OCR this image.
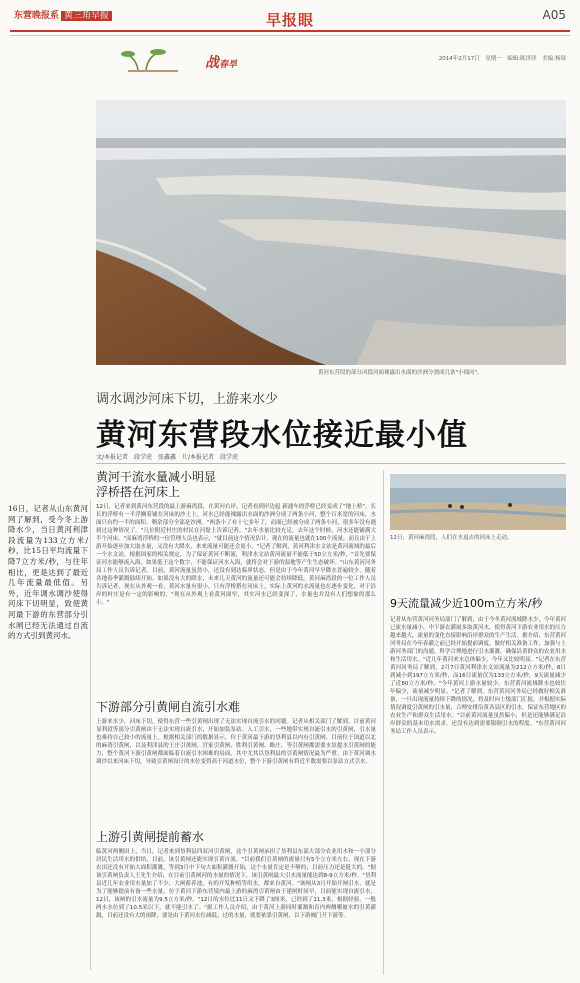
东营晚报系 黄三角早报	早报眼	A05
战春旱
2014年2月17日　星期一　编辑:陈泽泽　美编:杨琛
黄河东营段的部分河段河面裸露出水面的沙洲分割成几条"小细河"。
调水调沙河床下切，上游来水少
黄河东营段水位接近最小值
文/本报记者　段学虎　张鑫鑫　片/本报记者　段学虎
16日，记者从山东黄河网了解到，受今冬上游降水少，当日黄河利津段流量为133立方米/秒，比15日平均流量下降7立方米/秒，与往年相比，更是达到了最近几年流量最低值。另外，近年调水调沙使得河床下切明显，致使黄河最下游的东营部分引水闸已经无法通过自流的方式引到黄河水。
黄河干流水量减小明显
浮桥搭在河床上
12日，记者来到黄河东营段的最上游麻湾段，在黄河右岸，记者看到岸边起 新通车的浮桥已经变成了"地上桥"，长长的浮桥有一半浮搁着铺在河床的沙土上，河水已经能裸露出水面的沙洲分成了两条小河，整个百米宽的河床，水面只有约一半的面积。剩余部分全部是沙洲。"两条小了有十七多年了，而面已经被分成了两条小河，很多年没有遇到过这种情况了。"几位附近村庄的村民在河堤上告诉记者。"去年水量比较充足，去年这个时候，河水还能铺满大半个河床。"而麻湾浮桥的一位管理人员也表示，"就目前这个情况估计，现在的流量也就在100个流量，而且由于上游开始逐步加大取水量，又没有大降水，来来流量可能还会更小。"记者了解到，黄河利津水文站是黄河流域的最后一个水文站，根据国家的相关规定，为了保证黄河不断流，利津水文站黄河流量不能低于50立方米/秒，"首先要保证河水能够流入海，如果低于这个数字，不能保证河水入海，就将会对下游的湿地等产生生态破坏。"山东黄河河务局工作人员告诉记者。目前，黄河流量虽然小，还没有到达临界状态，但是由于今年黄河早旱降水普遍较少，随着各地春季灌溉陆续开始，如果没有大的降水，未来几天黄河的流量还可能会持续降低。黄河麻湾段的一位工作人员告诉记者，现在从外观一看，黄河水量有很小，只有浮桥搭在河床上，实际上黄河的水流量也在逐步变化，对于沿岸的村庄是有一定的影响的，"现在从外观上看黄河面窄，其实河水已经变深了，水量也并没有人们想象的那么小。"
下游部分引黄闸自流引水难
上游来水少，河床下切，使得东营一些引黄闸出现了无法实现自流引水的问题。记者从相关部门了解到，目前黄河显利段等部分引黄闸由于无法实现自流引水，开始加装泵站。人工引水，一些地带实现自流引水的引黄闸，引水量也难持自己较小的流量上。根据相关部门的数据显示，位于黄河最下游的垦利县以内有引黄闸，目前位于国道以北的麻湾引黄闸，以及利津县的王庄引黄闸、宫家引黄闸、胜利引黄闸、路庄、等引黄闸都需要水泵提水引黄闸的能力，整个黄河下游引黄闸都面临着自流引水困难的局面，其中尤其以垦利县的引黄闸情况最为严重。由于黄河调水调沙以来河床下切，导致引黄闸设计的水位变得高于河道水位，整个下游引黄闸有将近半数需要以泵站方式引水。
上游引黄闸提前蓄水
临黄河两侧田上，当日，记者来到垦利县四双河引黄闸，这个引黄闸承担了垦利县东部大部分农业用水和一小部分居民生活用水的供给，目前，该引黄闸还能实现引黄自流。"目前我们引黄闸的流量只有5个立方米左右，现在下游农田还没有开始大面积灌溉，等到3月中下旬大面积灌溉开始，这个水量肯定是不够的，目前压力还是挺大的。"据该引黄闸负责人王先生介绍，在目前引黄闸河的水量的情况下，该引黄闸最大引水流量能达到8-9立方米/秒。"垦利县近几年农业用水量加了不少，大闸蓄养池，有的开发种植等用水，都来自黄河。"该闸从3月开始开闸引水，就是为了能够提前有备一些水量。位于黄河下游东营境内最上游的麻湾引黄闸由于建闸时间早，目前能实现自流引水，12日，该闸的引水流量为9.5立方米/秒。"12日的水位比11日又下降了3厘米，已经到了11.3米，根据经验，一般两水水位到了10.5米以下，就不能引水了。"据工作人员介绍，由于黄河上游同时灌溉和育内两侧哪被水的引黄灌溉，目前还没有大的雨降，要是由于黄河水位减低、过的水量，就要依靠引黄闸，以下游阀门开下游等。
12日，黄河麻湾段，人们在水退去的河床上走动。
9天流量减少近100m立方米/秒
记者从东营黄河河务局部门了解到，由于今冬黄河流域降水少，今年黄河已流水量减小，中下游农灌展多取黄河水，使得黄河下游农业用水的压力越来越大，流量的变化直接影响沿岸群众的生产生活。据介绍，东营黄河河务局在今年春灌之前已经开始提前调度，做好相关准备工作，加强与上游河务部门的沟通，科学合理地进行引水灌溉，确保沿黄群众的农业用水和生活用水。"近几年黄河来水总体偏少，今年又比较明显。"记者在东营黄河河务局了解到，2月7日黄河利津水文站流量为212立方米/秒，8日到减小到197立方米/秒，而16日流量仅为133立方米/秒，9天流量减少了近80立方米/秒。"今年黄河上游水量较少，东营黄河流域降水也较往年偏少，流量减少明显。"记者了解到，东营黄河河务局已经做好相关准备，一旦出现流量持续下降的情况，将及时向上级部门汇报，并根据实际情况调度引黄闸的引水量，合理安排沿黄各县区的引水，保证东营地区的农业生产和群众生活用水。"目前黄河流量虽然偏小，但是还能够满足沿岸群众的基本用水需求，还没有达到需要限制引水的程度。"东营黄河河务局工作人员表示。
